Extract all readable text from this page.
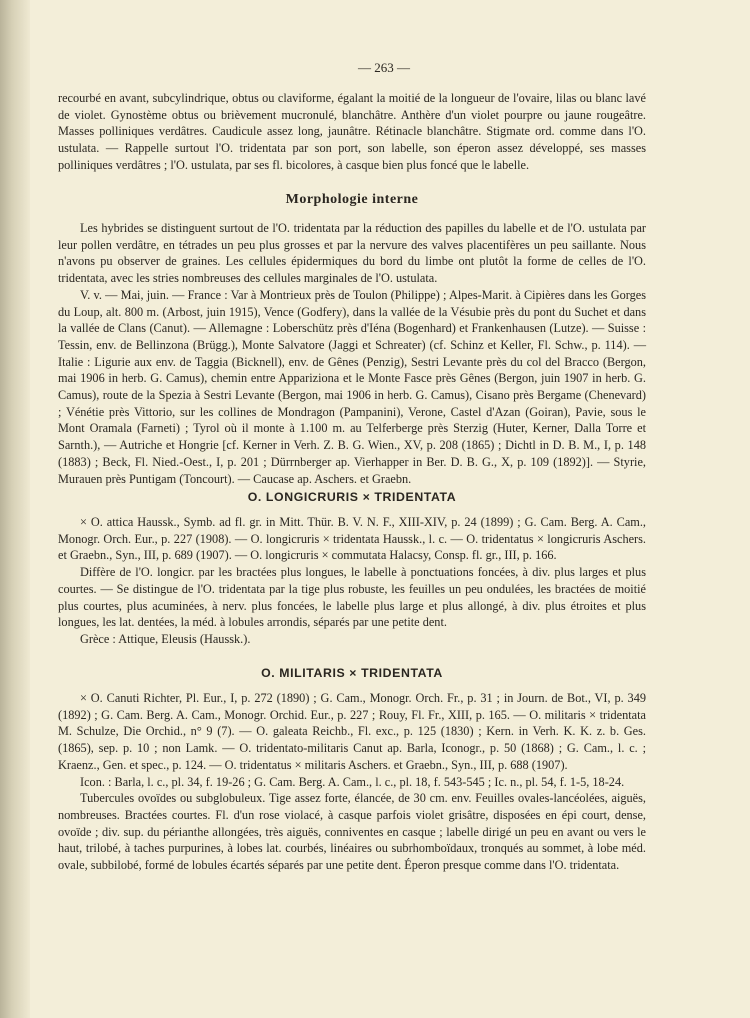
— 263 —

recourbé en avant, subcylindrique, obtus ou claviforme, égalant la moitié de la longueur de l'ovaire, lilas ou blanc lavé de violet. Gynostème obtus ou brièvement mucronulé, blanchâtre. Anthère d'un violet pourpre ou jaune rougeâtre. Masses polliniques verdâtres. Caudicule assez long, jaunâtre. Rétinacle blanchâtre. Stigmate ord. comme dans l'O. ustulata. — Rappelle surtout l'O. tridentata par son port, son labelle, son éperon assez développé, ses masses polliniques verdâtres ; l'O. ustulata, par ses fl. bicolores, à casque bien plus foncé que le labelle.

Morphologie interne

Les hybrides se distinguent surtout de l'O. tridentata par la réduction des papilles du labelle et de l'O. ustulata par leur pollen verdâtre, en tétrades un peu plus grosses et par la nervure des valves placentifères un peu saillante. Nous n'avons pu observer de graines. Les cellules épidermiques du bord du limbe ont plutôt la forme de celles de l'O. tridentata, avec les stries nombreuses des cellules marginales de l'O. ustulata.

V. v. — Mai, juin. — France : Var à Montrieux près de Toulon (Philippe) ; Alpes-Marit. à Cipières dans les Gorges du Loup, alt. 800 m. (Arbost, juin 1915), Vence (Godfery), dans la vallée de la Vésubie près du pont du Suchet et dans la vallée de Clans (Canut). — Allemagne : Loberschütz près d'Iéna (Bogenhard) et Frankenhausen (Lutze). — Suisse : Tessin, env. de Bellinzona (Brügg.), Monte Salvatore (Jaggi et Schreater) (cf. Schinz et Keller, Fl. Schw., p. 114). — Italie : Ligurie aux env. de Taggia (Bicknell), env. de Gênes (Penzig), Sestri Levante près du col del Bracco (Bergon, mai 1906 in herb. G. Camus), chemin entre Appariziona et le Monte Fasce près Gênes (Bergon, juin 1907 in herb. G. Camus), route de la Spezia à Sestri Levante (Bergon, mai 1906 in herb. G. Camus), Cisano près Bergame (Chenevard) ; Vénétie près Vittorio, sur les collines de Mondragon (Pampanini), Verone, Castel d'Azan (Goiran), Pavie, sous le Mont Oramala (Farneti) ; Tyrol où il monte à 1.100 m. au Telferberge près Sterzig (Huter, Kerner, Dalla Torre et Sarnth.), — Autriche et Hongrie [cf. Kerner in Verh. Z. B. G. Wien., XV, p. 208 (1865) ; Dichtl in D. B. M., I, p. 148 (1883) ; Beck, Fl. Nied.-Oest., I, p. 201 ; Dürrnberger ap. Vierhapper in Ber. D. B. G., X, p. 109 (1892)]. — Styrie, Murauen près Puntigam (Toncourt). — Caucase ap. Aschers. et Graebn.

O. LONGICRURIS × TRIDENTATA

× O. attica Haussk., Symb. ad fl. gr. in Mitt. Thür. B. V. N. F., XIII-XIV, p. 24 (1899) ; G. Cam. Berg. A. Cam., Monogr. Orch. Eur., p. 227 (1908). — O. longicruris × tridentata Haussk., l. c. — O. tridentatus × longicruris Aschers. et Graebn., Syn., III, p. 689 (1907). — O. longicruris × commutata Halacsy, Consp. fl. gr., III, p. 166.

Diffère de l'O. longicr. par les bractées plus longues, le labelle à ponctuations foncées, à div. plus larges et plus courtes. — Se distingue de l'O. tridentata par la tige plus robuste, les feuilles un peu ondulées, les bractées de moitié plus courtes, plus acuminées, à nerv. plus foncées, le labelle plus large et plus allongé, à div. plus étroites et plus longues, les lat. dentées, la méd. à lobules arrondis, séparés par une petite dent.

Grèce : Attique, Eleusis (Haussk.).

O. MILITARIS × TRIDENTATA

× O. Canuti Richter, Pl. Eur., I, p. 272 (1890) ; G. Cam., Monogr. Orch. Fr., p. 31 ; in Journ. de Bot., VI, p. 349 (1892) ; G. Cam. Berg. A. Cam., Monogr. Orchid. Eur., p. 227 ; Rouy, Fl. Fr., XIII, p. 165. — O. militaris × tridentata M. Schulze, Die Orchid., n° 9 (7). — O. galeata Reichb., Fl. exc., p. 125 (1830) ; Kern. in Verh. K. K. z. b. Ges. (1865), sep. p. 10 ; non Lamk. — O. tridentato-militaris Canut ap. Barla, Iconogr., p. 50 (1868) ; G. Cam., l. c. ; Kraenz., Gen. et spec., p. 124. — O. tridentatus × militaris Aschers. et Graebn., Syn., III, p. 688 (1907).

Icon. : Barla, l. c., pl. 34, f. 19-26 ; G. Cam. Berg. A. Cam., l. c., pl. 18, f. 543-545 ; Ic. n., pl. 54, f. 1-5, 18-24.

Tubercules ovoïdes ou subglobuleux. Tige assez forte, élancée, de 30 cm. env. Feuilles ovales-lancéolées, aiguës, nombreuses. Bractées courtes. Fl. d'un rose violacé, à casque parfois violet grisâtre, disposées en épi court, dense, ovoïde ; div. sup. du périanthe allongées, très aiguës, conniventes en casque ; labelle dirigé un peu en avant ou vers le haut, trilobé, à taches purpurines, à lobes lat. courbés, linéaires ou subrhomboïdaux, tronqués au sommet, à lobe méd. ovale, subbilobé, formé de lobules écartés séparés par une petite dent. Éperon presque comme dans l'O. tridentata.
